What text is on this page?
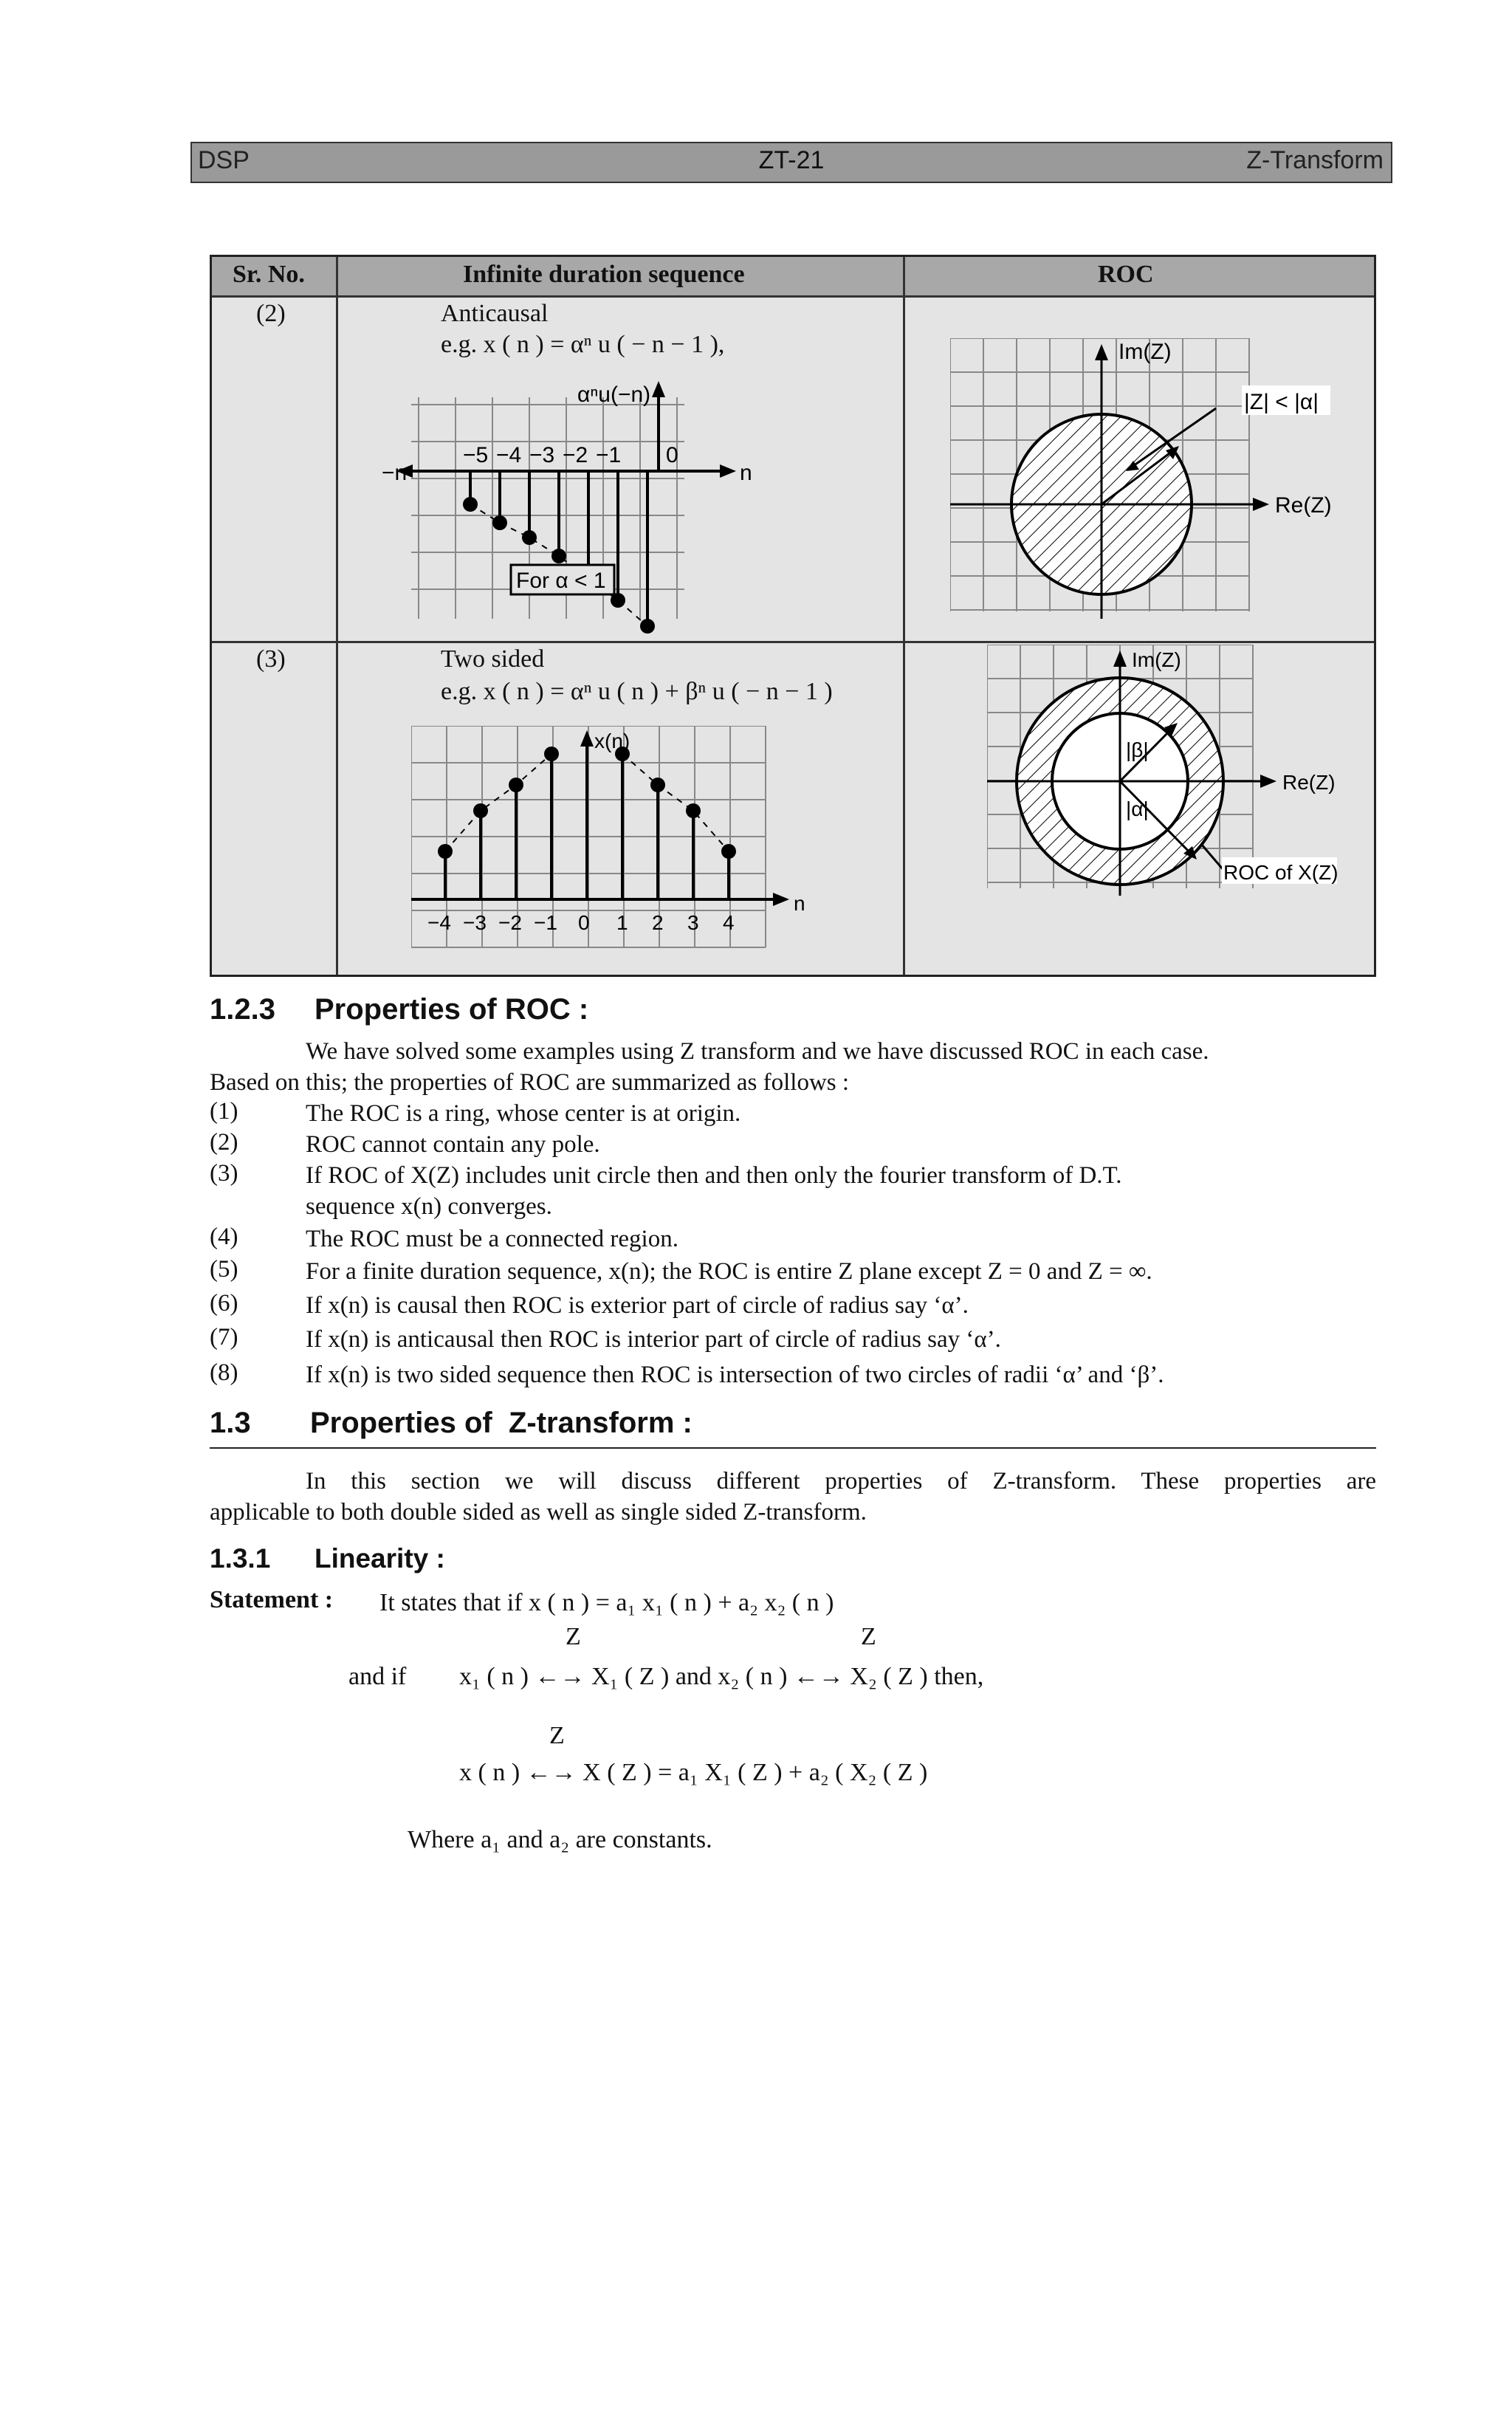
DSP	ZT-21	Z-Transform
Sr. No.	Infinite duration sequence	ROC
(2)	Anticausal
e.g. x ( n ) = αⁿ u ( − n − 1 ),
αⁿu(−n)
−5 −4 −3 −2 −1 0
−n	n
For α < 1
Im(Z)
Re(Z)
|Z| < |α|
(3)	Two sided
e.g. x ( n ) = αⁿ u ( n ) + βⁿ u ( − n − 1 )
x(n)
−4 −3 −2 −1 0 1 2 3 4
n
Im(Z)
Re(Z)
|β|
|α|
ROC of X(Z)
1.2.3 Properties of ROC :
We have solved some examples using Z transform and we have discussed ROC in each case.
Based on this; the properties of ROC are summarized as follows :
(1)	The ROC is a ring, whose center is at origin.
(2)	ROC cannot contain any pole.
(3)	If ROC of X(Z) includes unit circle then and then only the fourier transform of D.T.
sequence x(n) converges.
(4)	The ROC must be a connected region.
(5)	For a finite duration sequence, x(n); the ROC is entire Z plane except Z = 0 and Z = ∞.
(6)	If x(n) is causal then ROC is exterior part of circle of radius say ‘α’.
(7)	If x(n) is anticausal then ROC is interior part of circle of radius say ‘α’.
(8)	If x(n) is two sided sequence then ROC is intersection of two circles of radii ‘α’ and ‘β’.
1.3 Properties of  Z-transform :
In this section we will discuss different properties of Z-transform. These properties are
applicable to both double sided as well as single sided Z-transform.
1.3.1 Linearity :
Statement : It states that if x ( n ) = a₁ x₁ ( n ) + a₂ x₂ ( n )
Z	Z
and if x₁ ( n ) ←→ X₁ ( Z ) and x₂ ( n ) ←→ X₂ ( Z ) then,
Z
x ( n ) ←→ X ( Z ) = a₁ X₁ ( Z ) + a₂ ( X₂ ( Z )
Where a₁ and a₂ are constants.
